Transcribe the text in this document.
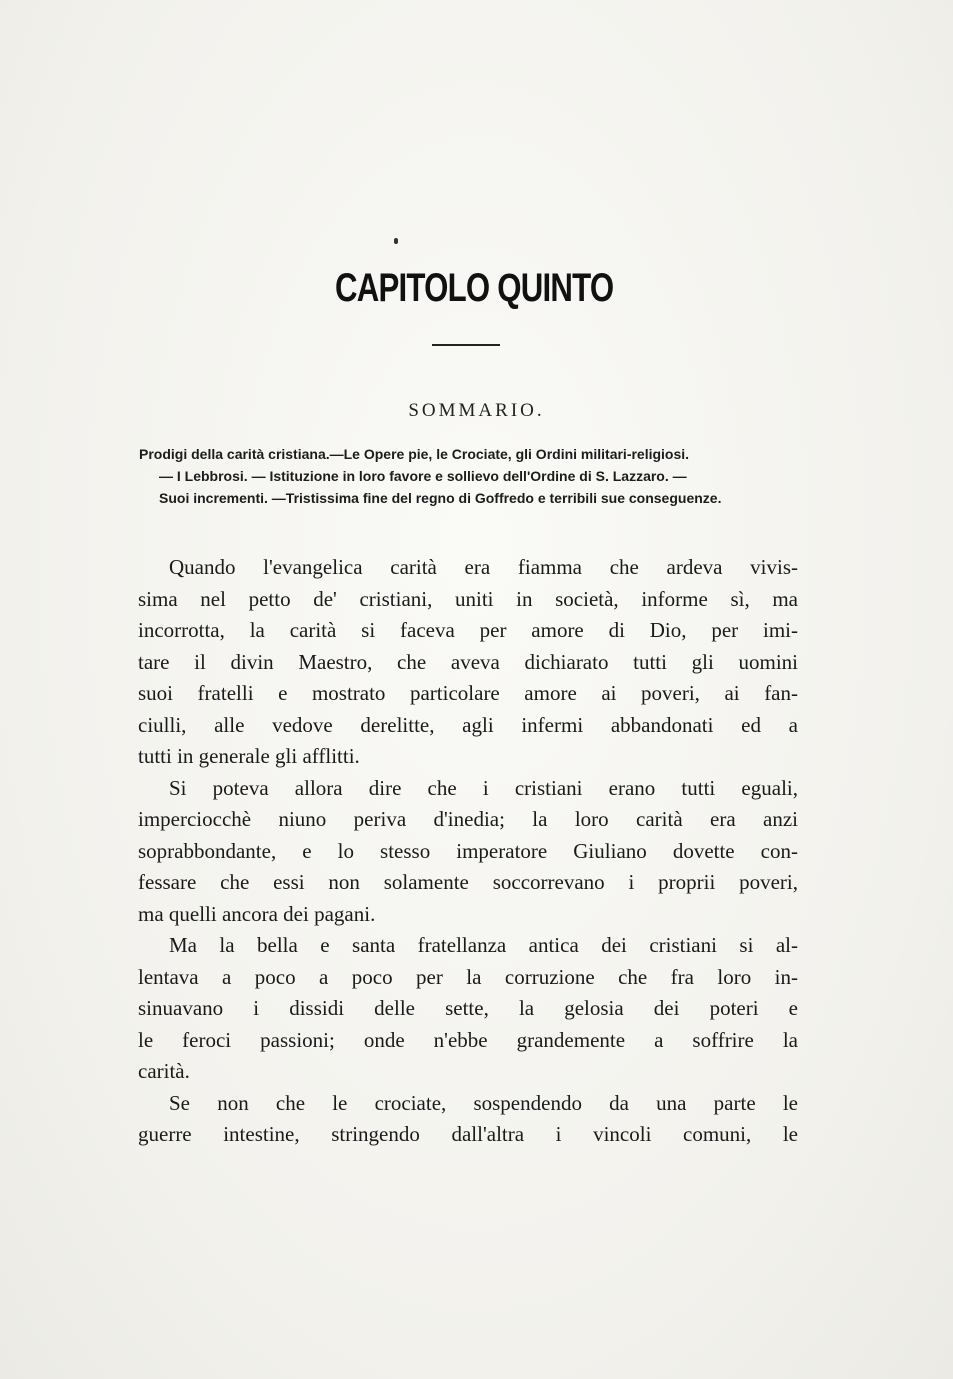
CAPITOLO QUINTO
SOMMARIO.
Prodigi della carità cristiana.—Le Opere pie, le Crociate, gli Ordini militari-religiosi.
— I Lebbrosi. — Istituzione in loro favore e sollievo dell'Ordine di S. Lazzaro. —
Suoi incrementi. —Tristissima fine del regno di Goffredo e terribili sue conseguenze.
Quando l'evangelica carità era fiamma che ardeva vivis-
sima nel petto de' cristiani, uniti in società, informe sì, ma
incorrotta, la carità si faceva per amore di Dio, per imi-
tare il divin Maestro, che aveva dichiarato tutti gli uomini
suoi fratelli e mostrato particolare amore ai poveri, ai fan-
ciulli, alle vedove derelitte, agli infermi abbandonati ed a
tutti in generale gli afflitti.
Si poteva allora dire che i cristiani erano tutti eguali,
imperciocchè niuno periva d'inedia; la loro carità era anzi
soprabbondante, e lo stesso imperatore Giuliano dovette con-
fessare che essi non solamente soccorrevano i proprii poveri,
ma quelli ancora dei pagani.
Ma la bella e santa fratellanza antica dei cristiani si al-
lentava a poco a poco per la corruzione che fra loro in-
sinuavano i dissidi delle sette, la gelosia dei poteri e
le feroci passioni; onde n'ebbe grandemente a soffrire la
carità.
Se non che le crociate, sospendendo da una parte le
guerre intestine, stringendo dall'altra i vincoli comuni, le
